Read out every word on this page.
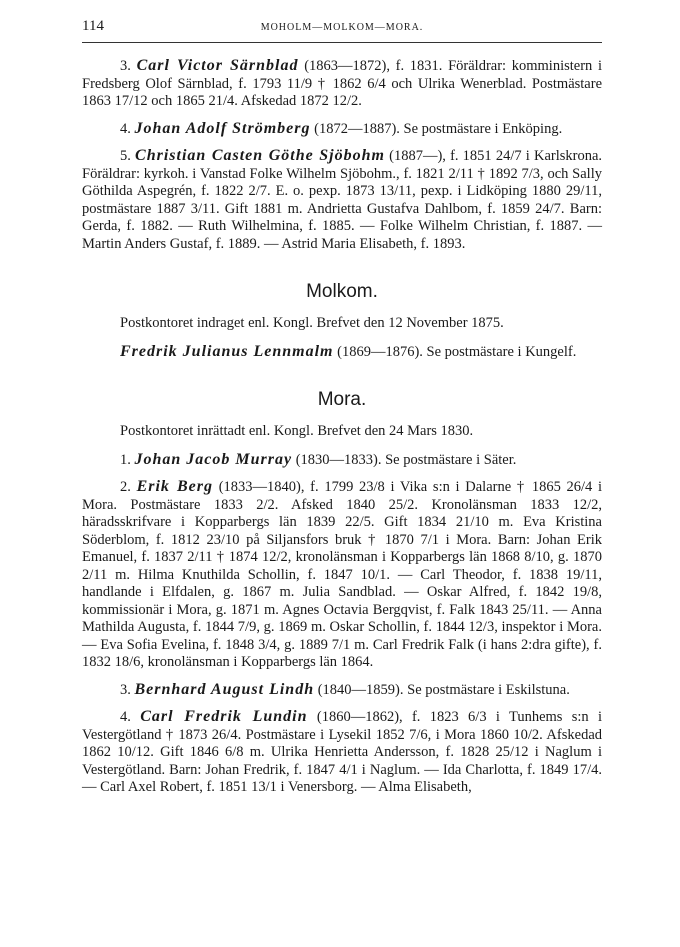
114	MOHOLM—MOLKOM—MORA.

3. Carl Victor Särnblad (1863—1872), f. 1831. Föräldrar: komministern i Fredsberg Olof Särnblad, f. 1793 11/9 † 1862 6/4 och Ulrika Wenerblad. Postmästare 1863 17/12 och 1865 21/4. Afskedad 1872 12/2.

4. Johan Adolf Strömberg (1872—1887). Se postmästare i Enköping.

5. Christian Casten Göthe Sjöbohm (1887—), f. 1851 24/7 i Karlskrona. Föräldrar: kyrkoh. i Vanstad Folke Wilhelm Sjöbohm., f. 1821 2/11 † 1892 7/3, och Sally Göthilda Aspegrén, f. 1822 2/7. E. o. pexp. 1873 13/11, pexp. i Lidköping 1880 29/11, postmästare 1887 3/11. Gift 1881 m. Andrietta Gustafva Dahlbom, f. 1859 24/7. Barn: Gerda, f. 1882. — Ruth Wilhelmina, f. 1885. — Folke Wilhelm Christian, f. 1887. — Martin Anders Gustaf, f. 1889. — Astrid Maria Elisabeth, f. 1893.

Molkom.

Postkontoret indraget enl. Kongl. Brefvet den 12 November 1875.

Fredrik Julianus Lennmalm (1869—1876). Se postmästare i Kungelf.

Mora.

Postkontoret inrättadt enl. Kongl. Brefvet den 24 Mars 1830.

1. Johan Jacob Murray (1830—1833). Se postmästare i Säter.

2. Erik Berg (1833—1840), f. 1799 23/8 i Vika s:n i Dalarne † 1865 26/4 i Mora. Postmästare 1833 2/2. Afsked 1840 25/2. Kronolänsman 1833 12/2, häradsskrifvare i Kopparbergs län 1839 22/5. Gift 1834 21/10 m. Eva Kristina Söderblom, f. 1812 23/10 på Siljansfors bruk † 1870 7/1 i Mora. Barn: Johan Erik Emanuel, f. 1837 2/11 † 1874 12/2, kronolänsman i Kopparbergs län 1868 8/10, g. 1870 2/11 m. Hilma Knuthilda Schollin, f. 1847 10/1. — Carl Theodor, f. 1838 19/11, handlande i Elfdalen, g. 1867 m. Julia Sandblad. — Oskar Alfred, f. 1842 19/8, kommissionär i Mora, g. 1871 m. Agnes Octavia Bergqvist, f. Falk 1843 25/11. — Anna Mathilda Augusta, f. 1844 7/9, g. 1869 m. Oskar Schollin, f. 1844 12/3, inspektor i Mora. — Eva Sofia Evelina, f. 1848 3/4, g. 1889 7/1 m. Carl Fredrik Falk (i hans 2:dra gifte), f. 1832 18/6, kronolänsman i Kopparbergs län 1864.

3. Bernhard August Lindh (1840—1859). Se postmästare i Eskilstuna.

4. Carl Fredrik Lundin (1860—1862), f. 1823 6/3 i Tunhems s:n i Vestergötland † 1873 26/4. Postmästare i Lysekil 1852 7/6, i Mora 1860 10/2. Afskedad 1862 10/12. Gift 1846 6/8 m. Ulrika Henrietta Andersson, f. 1828 25/12 i Naglum i Vestergötland. Barn: Johan Fredrik, f. 1847 4/1 i Naglum. — Ida Charlotta, f. 1849 17/4. — Carl Axel Robert, f. 1851 13/1 i Venersborg. — Alma Elisabeth,
